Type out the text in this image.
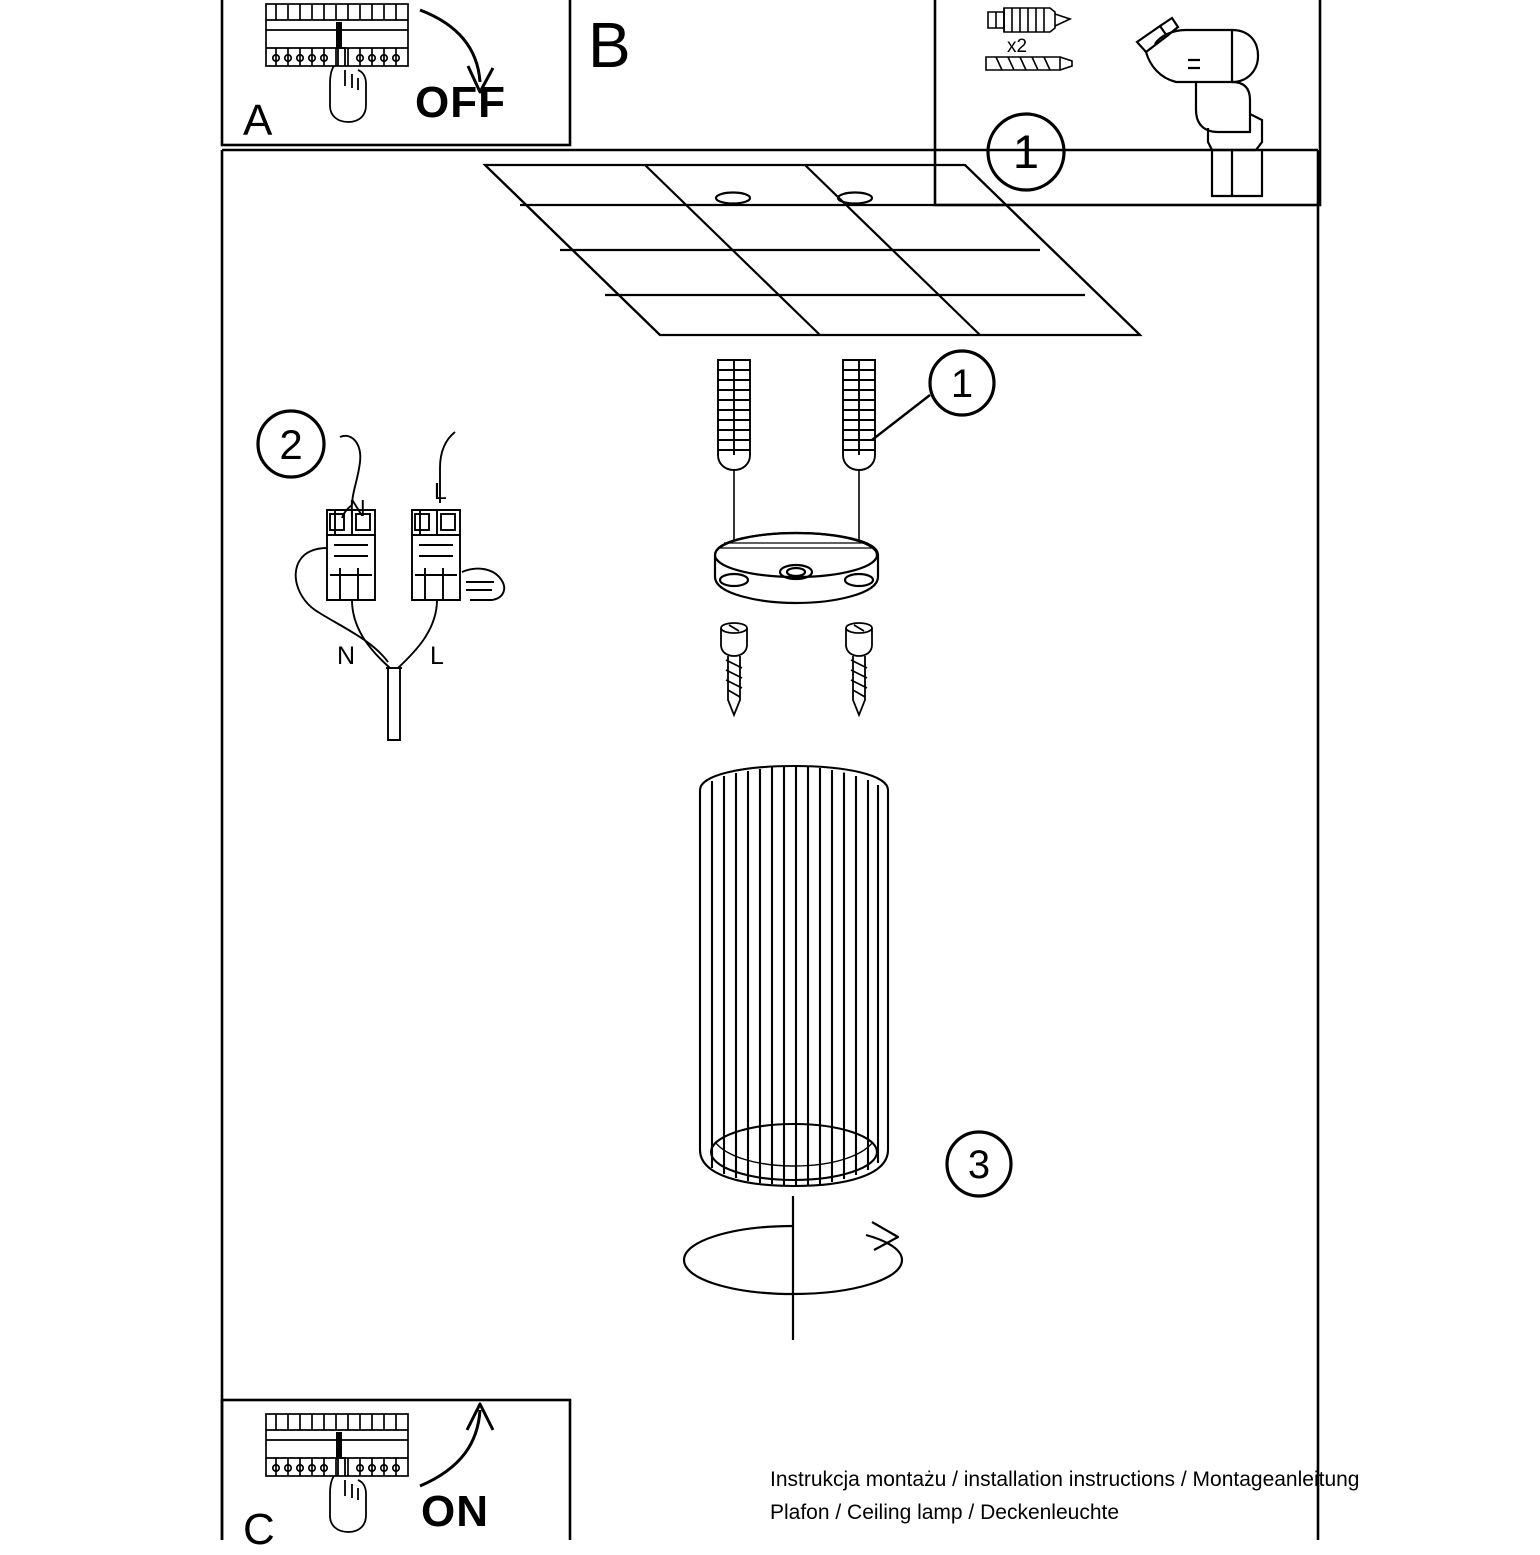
1
1
2
3
A	OFF
B	x2
N
L
N	L
C	ON
Instrukcja montażu / installation instructions / Montageanleitung
Plafon / Ceiling lamp / Deckenleuchte
